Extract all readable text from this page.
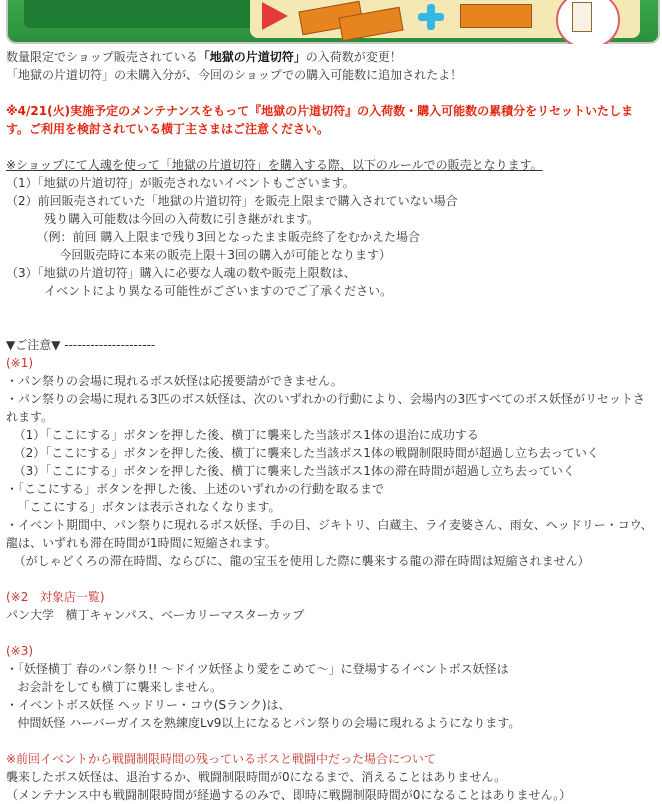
数量限定でショップ販売されている「地獄の片道切符」の入荷数が変更！
「地獄の片道切符」の未購入分が、今回のショップでの購入可能数に追加されたよ！
※4/21(火)実施予定のメンテナンスをもって『地獄の片道切符』の入荷数・購入可能数の累積分をリセットいたしま
す。ご利用を検討されている横丁主さまはご注意ください。
※ショップにて人魂を使って「地獄の片道切符」を購入する際、以下のルールでの販売となります。
（1）「地獄の片道切符」が販売されないイベントもございます。
（2）前回販売されていた「地獄の片道切符」を販売上限まで購入されていない場合
残り購入可能数は今回の入荷数に引き継がれます。
（例：前回 購入上限まで残り3回となったまま販売終了をむかえた場合
今回販売時に本来の販売上限＋3回の購入が可能となります）
（3）「地獄の片道切符」購入に必要な人魂の数や販売上限数は、
イベントにより異なる可能性がございますのでご了承ください。
▼ご注意▼ ---------------------
(※1)
・パン祭りの会場に現れるボス妖怪は応援要請ができません。
・パン祭りの会場に現れる3匹のボス妖怪は、次のいずれかの行動により、会場内の3匹すべてのボス妖怪がリセットさ
れます。
（1）「ここにする」ボタンを押した後、横丁に襲来した当該ボス1体の退治に成功する
（2）「ここにする」ボタンを押した後、横丁に襲来した当該ボス1体の戦闘制限時間が超過し立ち去っていく
（3）「ここにする」ボタンを押した後、横丁に襲来した当該ボス1体の滞在時間が超過し立ち去っていく
・「ここにする」ボタンを押した後、上述のいずれかの行動を取るまで
「ここにする」ボタンは表示されなくなります。
・イベント期間中、パン祭りに現れるボス妖怪、手の目、ジキトリ、白蔵主、ライ麦婆さん、雨女、ヘッドリー・コウ、
龍は、いずれも滞在時間が1時間に短縮されます。
（がしゃどくろの滞在時間、ならびに、龍の宝玉を使用した際に襲来する龍の滞在時間は短縮されません）
(※2   対象店一覧)
パン大学   横丁キャンパス、ベーカリーマスターカップ
(※3)
・「妖怪横丁 春のパン祭り!! ～ドイツ妖怪より愛をこめて～」に登場するイベントボス妖怪は
お会計をしても横丁に襲来しません。
・イベントボス妖怪 ヘッドリー・コウ(Sランク)は、
仲間妖怪 ハーバーガイスを熟練度Lv9以上になるとパン祭りの会場に現れるようになります。
※前回イベントから戦闘制限時間の残っているボスと戦闘中だった場合について
襲来したボス妖怪は、退治するか、戦闘制限時間が0になるまで、消えることはありません。
（メンテナンス中も戦闘制限時間が経過するのみで、即時に戦闘制限時間が0になることはありません。）
